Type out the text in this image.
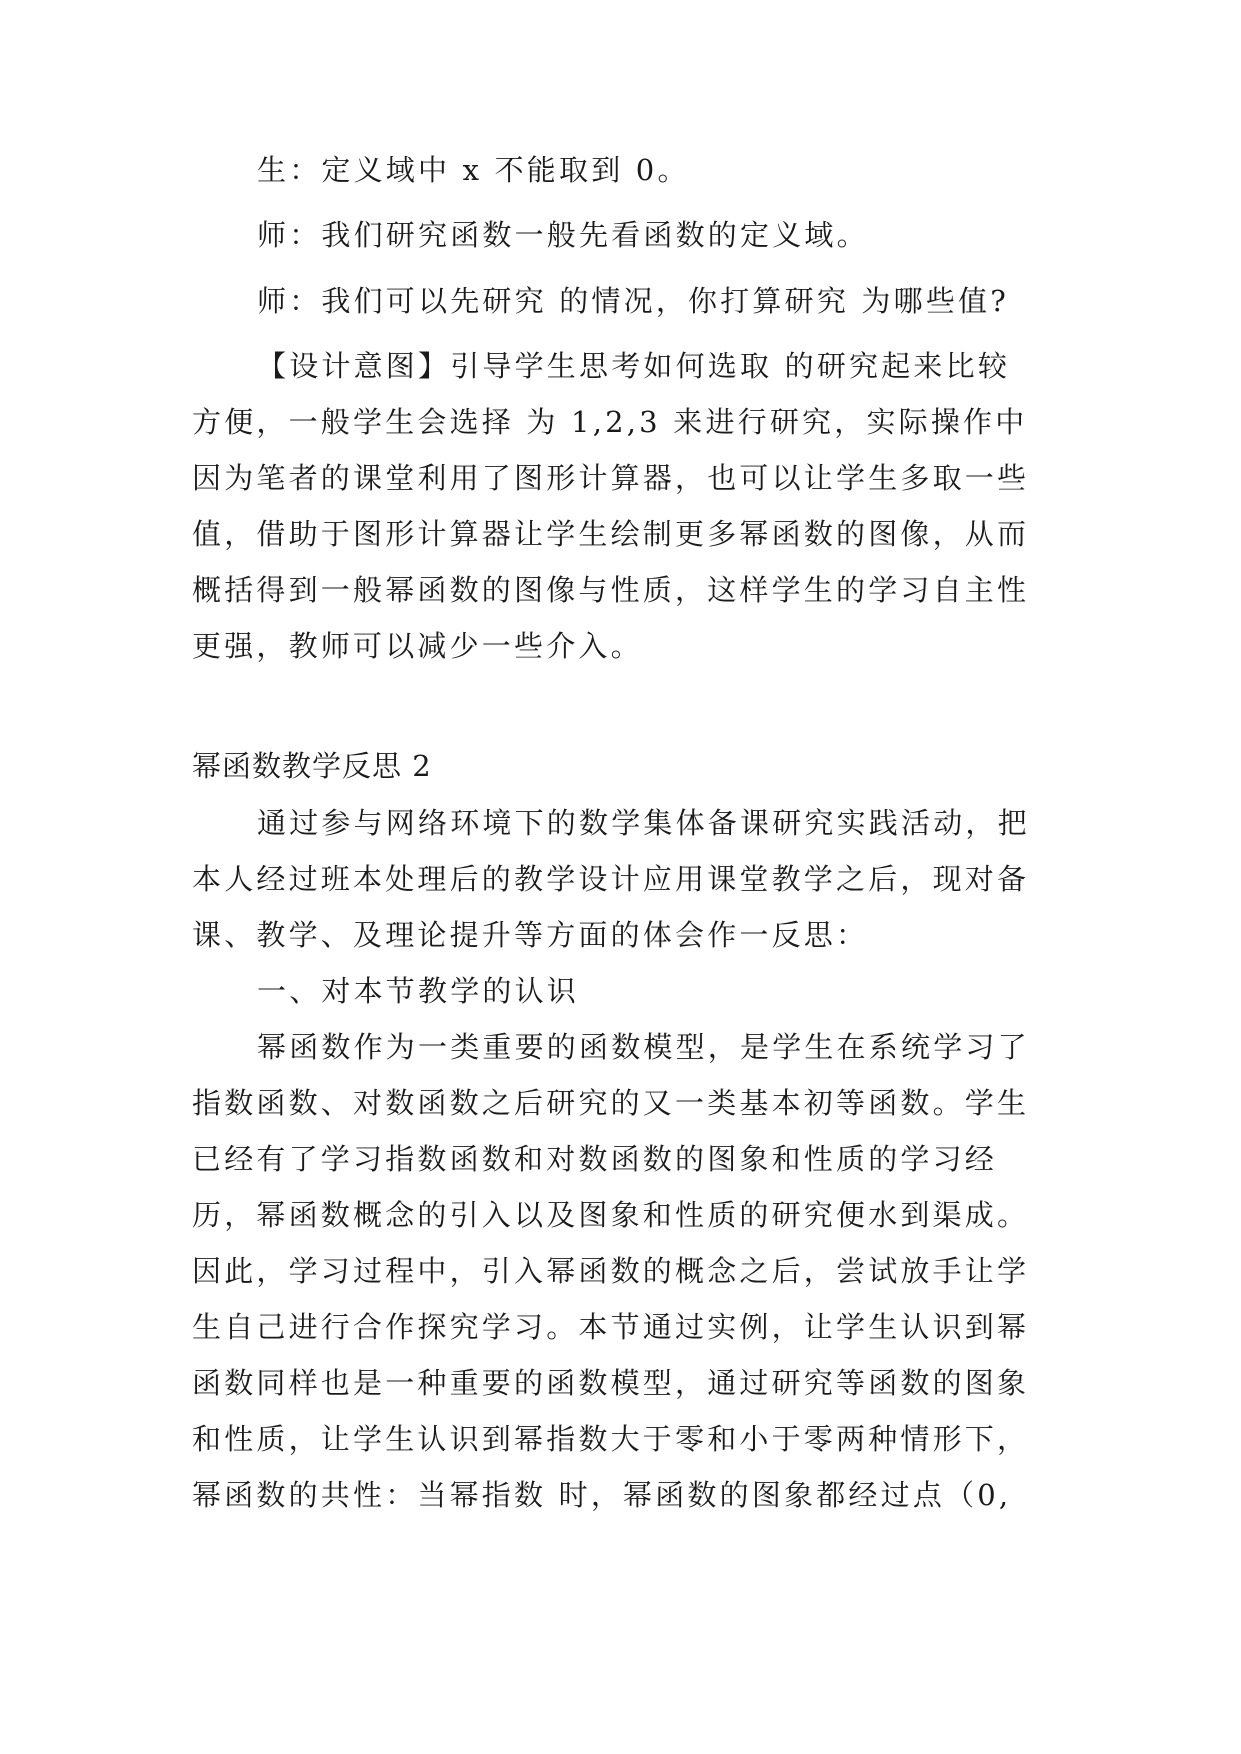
生：定义域中 x 不能取到 0。
师：我们研究函数一般先看函数的定义域。
师：我们可以先研究 的情况，你打算研究 为哪些值?
【设计意图】引导学生思考如何选取 的研究起来比较
方便，一般学生会选择 为 1,2,3 来进行研究，实际操作中
因为笔者的课堂利用了图形计算器，也可以让学生多取一些
值，借助于图形计算器让学生绘制更多幂函数的图像，从而
概括得到一般幂函数的图像与性质，这样学生的学习自主性
更强，教师可以减少一些介入。
幂函数教学反思 2
通过参与网络环境下的数学集体备课研究实践活动，把
本人经过班本处理后的教学设计应用课堂教学之后，现对备
课、教学、及理论提升等方面的体会作一反思：
一、对本节教学的认识
幂函数作为一类重要的函数模型，是学生在系统学习了
指数函数、对数函数之后研究的又一类基本初等函数。学生
已经有了学习指数函数和对数函数的图象和性质的学习经
历，幂函数概念的引入以及图象和性质的研究便水到渠成。
因此，学习过程中，引入幂函数的概念之后，尝试放手让学
生自己进行合作探究学习。本节通过实例，让学生认识到幂
函数同样也是一种重要的函数模型，通过研究等函数的图象
和性质，让学生认识到幂指数大于零和小于零两种情形下，
幂函数的共性：当幂指数 时，幂函数的图象都经过点（0,
